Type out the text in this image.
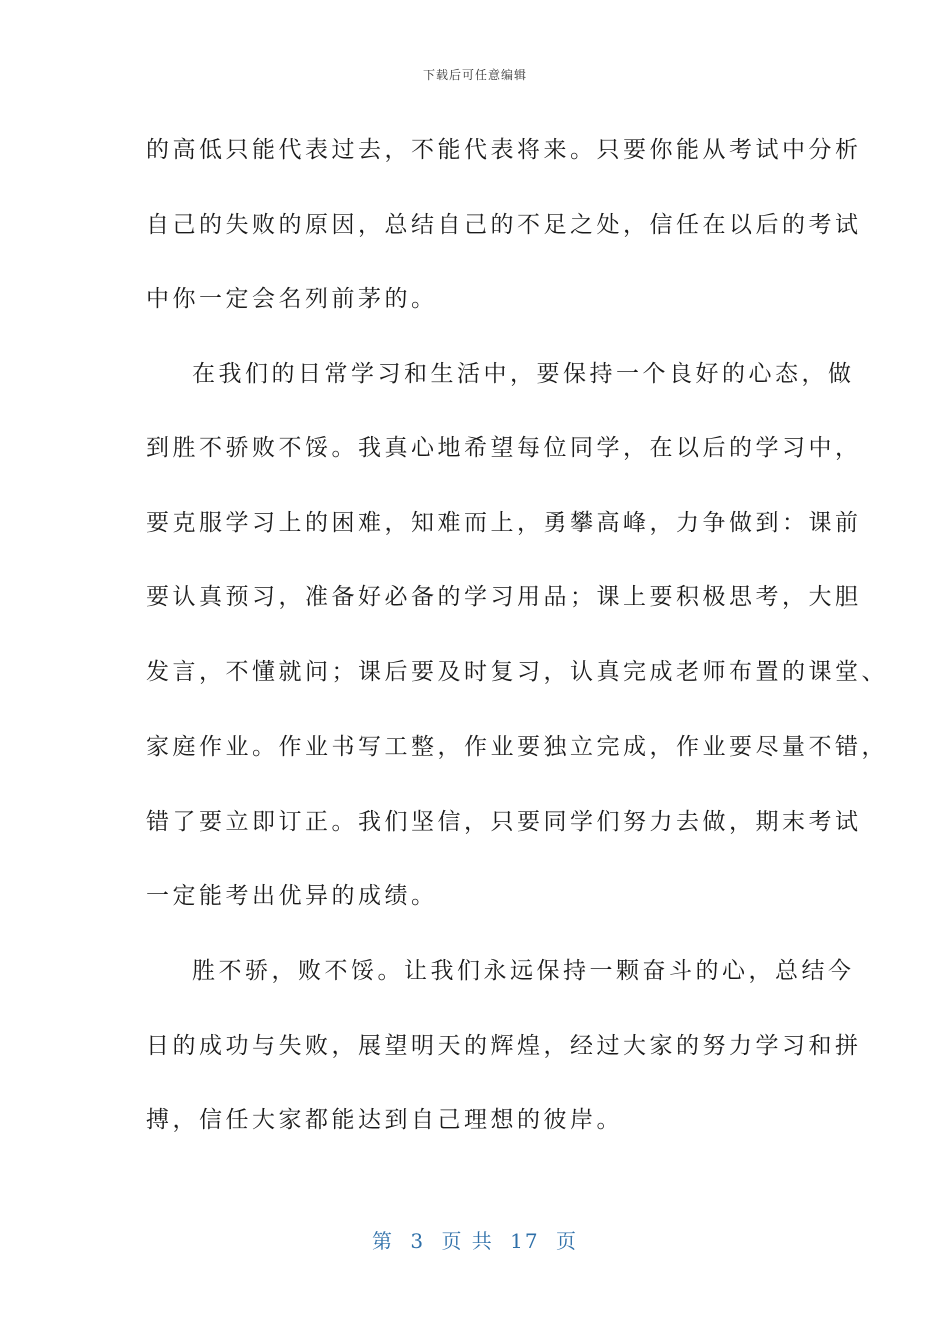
下载后可任意编辑
的高低只能代表过去，不能代表将来。只要你能从考试中分析
自己的失败的原因，总结自己的不足之处，信任在以后的考试
中你一定会名列前茅的。
在我们的日常学习和生活中，要保持一个良好的心态，做
到胜不骄败不馁。我真心地希望每位同学，在以后的学习中，
要克服学习上的困难，知难而上，勇攀高峰，力争做到：课前
要认真预习，准备好必备的学习用品；课上要积极思考，大胆
发言，不懂就问；课后要及时复习，认真完成老师布置的课堂、
家庭作业。作业书写工整，作业要独立完成，作业要尽量不错，
错了要立即订正。我们坚信，只要同学们努力去做，期末考试
一定能考出优异的成绩。
胜不骄，败不馁。让我们永远保持一颗奋斗的心，总结今
日的成功与失败，展望明天的辉煌，经过大家的努力学习和拼
搏，信任大家都能达到自己理想的彼岸。
第 3 页 共 17 页
